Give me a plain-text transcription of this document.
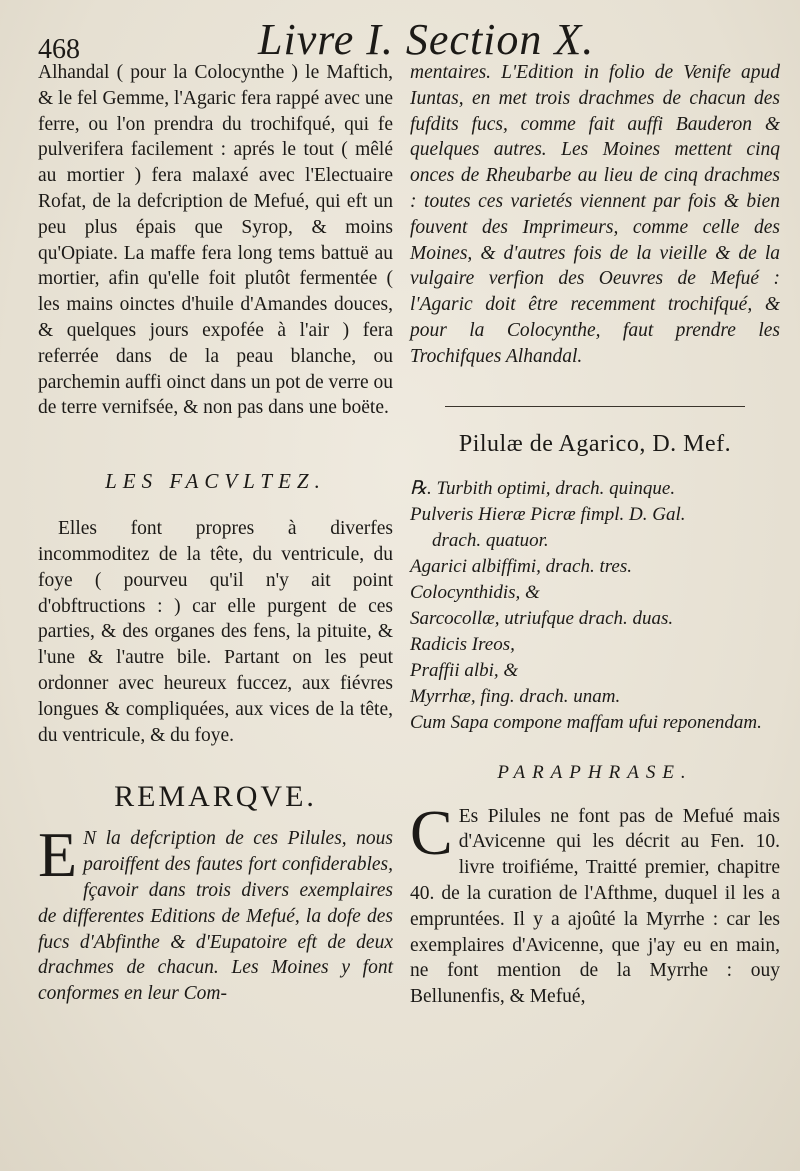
468	Livre I. Section X.

Alhandal ( pour la Colocynthe ) le Maftich, & le fel Gemme, l'Agaric fera rappé avec une ferre, ou l'on prendra du trochifqué, qui fe pulverifera facilement : aprés le tout ( mêlé au mortier ) fera malaxé avec l'Electuaire Rofat, de la defcription de Mefué, qui eft un peu plus épais que Syrop, & moins qu'Opiate. La maffe fera long tems battuë au mortier, afin qu'elle foit plutôt fermentée ( les mains oinctes d'huile d'Amandes douces, & quelques jours expofée à l'air ) fera referrée dans de la peau blanche, ou parchemin auffi oinct dans un pot de verre ou de terre vernifsée, & non pas dans une boëte.

LES FACVLTEZ.

Elles font propres à diverfes incommoditez de la tête, du ventricule, du foye ( pourveu qu'il n'y ait point d'obftructions : ) car elle purgent de ces parties, & des organes des fens, la pituite, & l'une & l'autre bile. Partant on les peut ordonner avec heureux fuccez, aux fiévres longues & compliquées, aux vices de la tête, du ventricule, & du foye.

REMARQVE.

E N la defcription de ces Pilules, nous paroiffent des fautes fort confiderables, fçavoir dans trois divers exemplaires de differentes Editions de Mefué, la dofe des fucs d'Abfinthe & d'Eupatoire eft de deux drachmes de chacun. Les Moines y font conformes en leur Com-

mentaires. L'Edition in folio de Venife apud Iuntas, en met trois drachmes de chacun des fufdits fucs, comme fait auffi Bauderon & quelques autres. Les Moines mettent cinq onces de Rheubarbe au lieu de cinq drachmes : toutes ces varietés viennent par fois & bien fouvent des Imprimeurs, comme celle des Moines, & d'autres fois de la vieille & de la vulgaire verfion des Oeuvres de Mefué : l'Agaric doit être recemment trochifqué, & pour la Colocynthe, faut prendre les Trochifques Alhandal.

Pilulæ de Agarico, D. Mef.
℞. Turbith optimi, drach. quinque.
Pulveris Hieræ Picræ fimpl. D. Gal.
drach. quatuor.
Agarici albiffimi, drach. tres.
Colocynthidis, &
Sarcocollæ, utriufque drach. duas.
Radicis Ireos,
Praffii albi, &
Myrrhæ, fing. drach. unam.
Cum Sapa compone maffam ufui reponendam.
PARAPHRASE.

C Es Pilules ne font pas de Mefué mais d'Avicenne qui les décrit au Fen. 10. livre troifiéme, Traitté premier, chapitre 40. de la curation de l'Afthme, duquel il les a empruntées. Il y a ajoûté la Myrrhe : car les exemplaires d'Avicenne, que j'ay eu en main, ne font mention de la Myrrhe : ouy Bellunenfis, & Mefué,
